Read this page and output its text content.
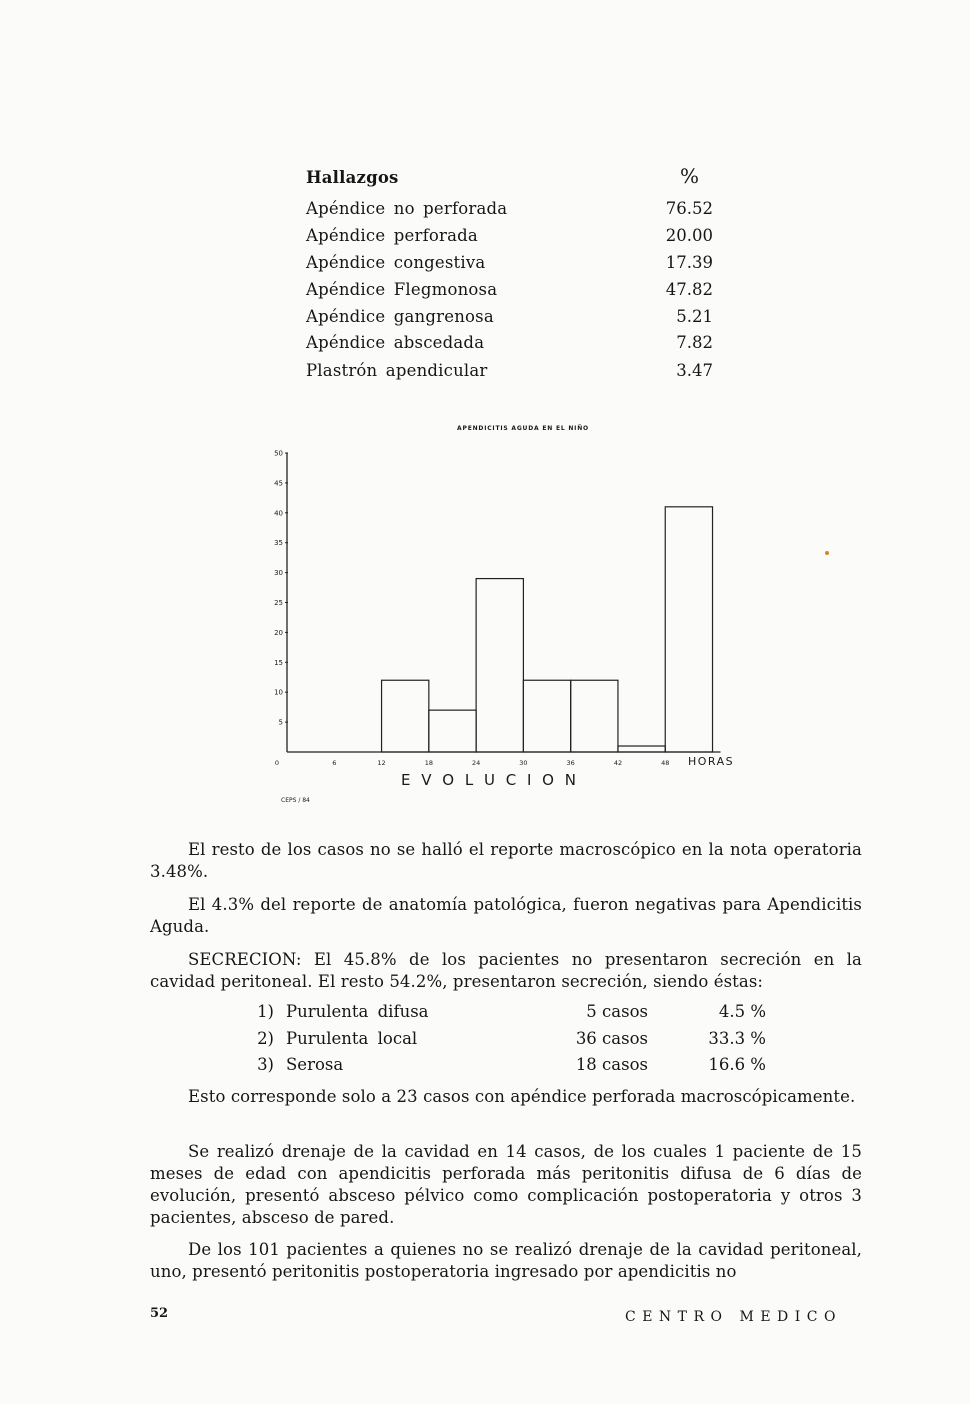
Hallazgos	%
Apéndice no perforada	76.52
Apéndice perforada	20.00
Apéndice congestiva	17.39
Apéndice Flegmonosa	47.82
Apéndice gangrenosa	5.21
Apéndice abscedada	7.82
Plastrón apendicular	3.47
APENDICITIS AGUDA EN EL NIÑO
5
10
15
20
25
30
35
40
45
50
0	6	12	18	24	30	36	42	48 HORAS
E V O L U C I O N
CEPS / 84

El resto de los casos no se halló el reporte macroscópico en la nota operatoria 3.48%.

El 4.3% del reporte de anatomía patológica, fueron negativas para Apendicitis Aguda.

SECRECION: El 45.8% de los pacientes no presentaron secreción en la cavidad peritoneal. El resto 54.2%, presentaron secreción, siendo éstas:

1) Purulenta difusa	5 casos	4.5 %
2) Purulenta local	36 casos	33.3 %
3) Serosa	18 casos	16.6 %

Esto corresponde solo a 23 casos con apéndice perforada macroscópicamente.

Se realizó drenaje de la cavidad en 14 casos, de los cuales 1 paciente de 15 meses de edad con apendicitis perforada más peritonitis difusa de 6 días de evolución, presentó absceso pélvico como complicación postoperatoria y otros 3 pacientes, absceso de pared.

De los 101 pacientes a quienes no se realizó drenaje de la cavidad peritoneal, uno, presentó peritonitis postoperatoria ingresado por apendicitis no

52	CENTRO MEDICO
